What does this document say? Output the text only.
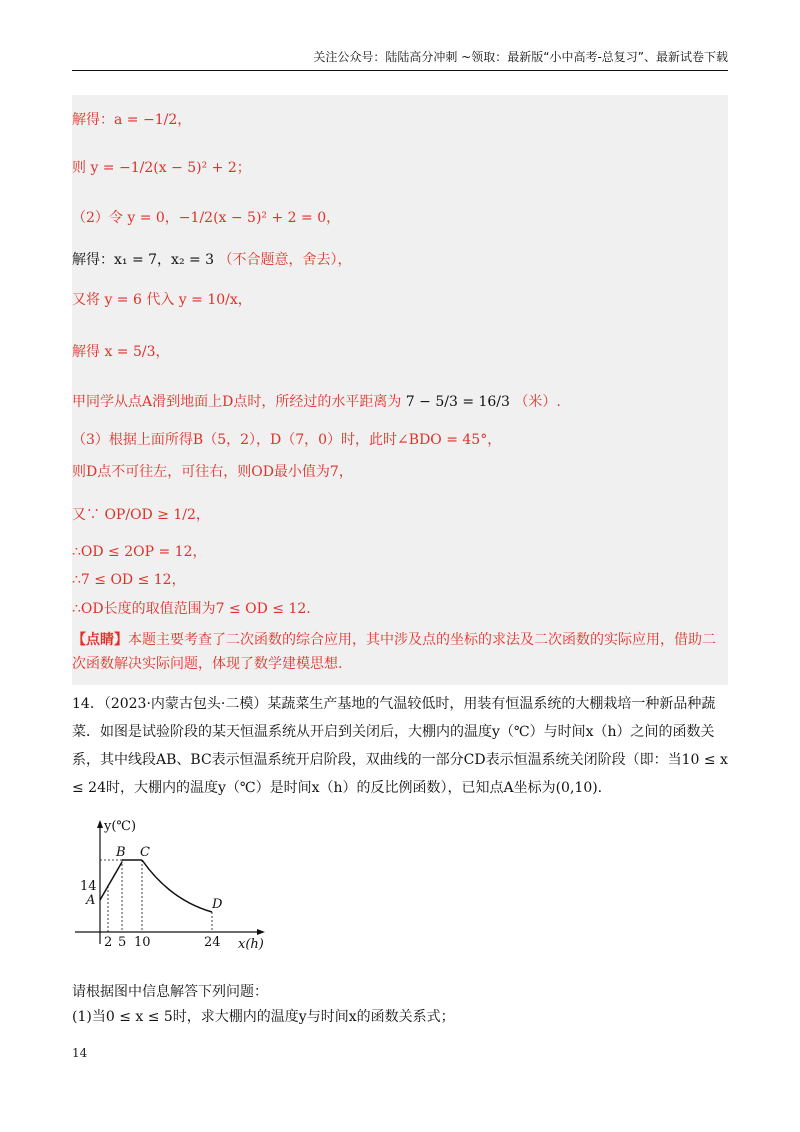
关注公众号：陆陆高分冲刺 ~领取：最新版“小中高考-总复习”、最新试卷下载
解得：a = −1/2，
则 y = −1/2(x − 5)² + 2；
（2）令 y = 0，−1/2(x − 5)² + 2 = 0，
解得：x₁ = 7，x₂ = 3 （不合题意，舍去），
又将 y = 6 代入 y = 10/x，
解得 x = 5/3，
甲同学从点A滑到地面上D点时，所经过的水平距离为 7 − 5/3 = 16/3 （米）.
（3）根据上面所得B（5，2），D（7，0）时，此时∠BDO = 45°，
则D点不可往左，可往右，则OD最小值为7，
又∵ OP/OD ≥ 1/2，
∴OD ≤ 2OP = 12，
∴7 ≤ OD ≤ 12，
∴OD长度的取值范围为7 ≤ OD ≤ 12.
【点睛】本题主要考查了二次函数的综合应用，其中涉及点的坐标的求法及二次函数的实际应用，借助二次函数解决实际问题，体现了数学建模思想.
14．（2023·内蒙古包头·二模）某蔬菜生产基地的气温较低时，用装有恒温系统的大棚栽培一种新品种蔬菜．如图是试验阶段的某天恒温系统从开启到关闭后，大棚内的温度y（℃）与时间x（h）之间的函数关系，其中线段AB、BC表示恒温系统开启阶段，双曲线的一部分CD表示恒温系统关闭阶段（即：当10 ≤ x ≤ 24时，大棚内的温度y（℃）是时间x（h）的反比例函数），已知点A坐标为(0,10).
y(℃)
x(h)
14
2 5 10	24
A
B C
D
请根据图中信息解答下列问题：
(1)当0 ≤ x ≤ 5时，求大棚内的温度y与时间x的函数关系式；
14
